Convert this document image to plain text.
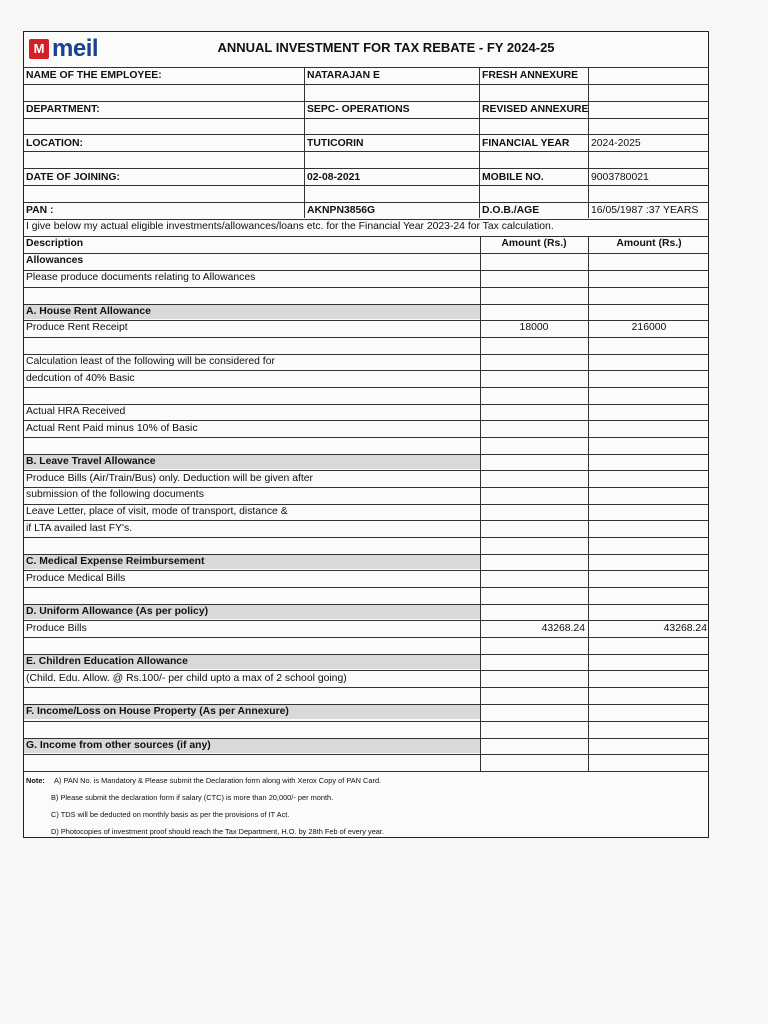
M meil	ANNUAL INVESTMENT FOR TAX REBATE - FY 2024-25
NAME OF THE EMPLOYEE:	NATARAJAN E	FRESH ANNEXURE
DEPARTMENT:	SEPC- OPERATIONS	REVISED ANNEXURE
LOCATION:	TUTICORIN	FINANCIAL YEAR 2024-2025
DATE OF JOINING:	02-08-2021	MOBILE NO.	9003780021
PAN :	AKNPN3856G	D.O.B./AGE	16/05/1987 :37 YEARS
I give below my actual eligible investments/allowances/loans etc. for the Financial Year 2023-24 for Tax calculation.
Description	Amount (Rs.)	Amount (Rs.)
Allowances
Please produce documents relating to Allowances
A. House Rent Allowance
Produce Rent Receipt	18000	216000
Calculation least of the following will be considered for
dedcution of 40% Basic
Actual HRA Received
Actual Rent Paid minus 10% of Basic
B. Leave Travel Allowance
Produce Bills (Air/Train/Bus) only. Deduction will be given after
submission of the following documents
Leave Letter, place of visit, mode of transport, distance &
if LTA availed last FY's.
C. Medical Expense Reimbursement
Produce Medical Bills
D. Uniform Allowance (As per policy)
Produce Bills	43268.24	43268.24
E. Children Education Allowance
(Child. Edu. Allow. @ Rs.100/- per child upto a max of 2 school going)
F. Income/Loss on House Property (As per Annexure)
G. Income from other sources (if any)
Note: A) PAN No. is Mandatory & Please submit the Declaration form along with Xerox Copy of PAN Card.
B) Please submit the declaration form if salary (CTC) is more than 20,000/- per month.
C) TDS will be deducted on monthly basis as per the provisions of IT Act.
D) Photocopies of investment proof should reach the Tax Department, H.O. by 28th Feb of every year.
